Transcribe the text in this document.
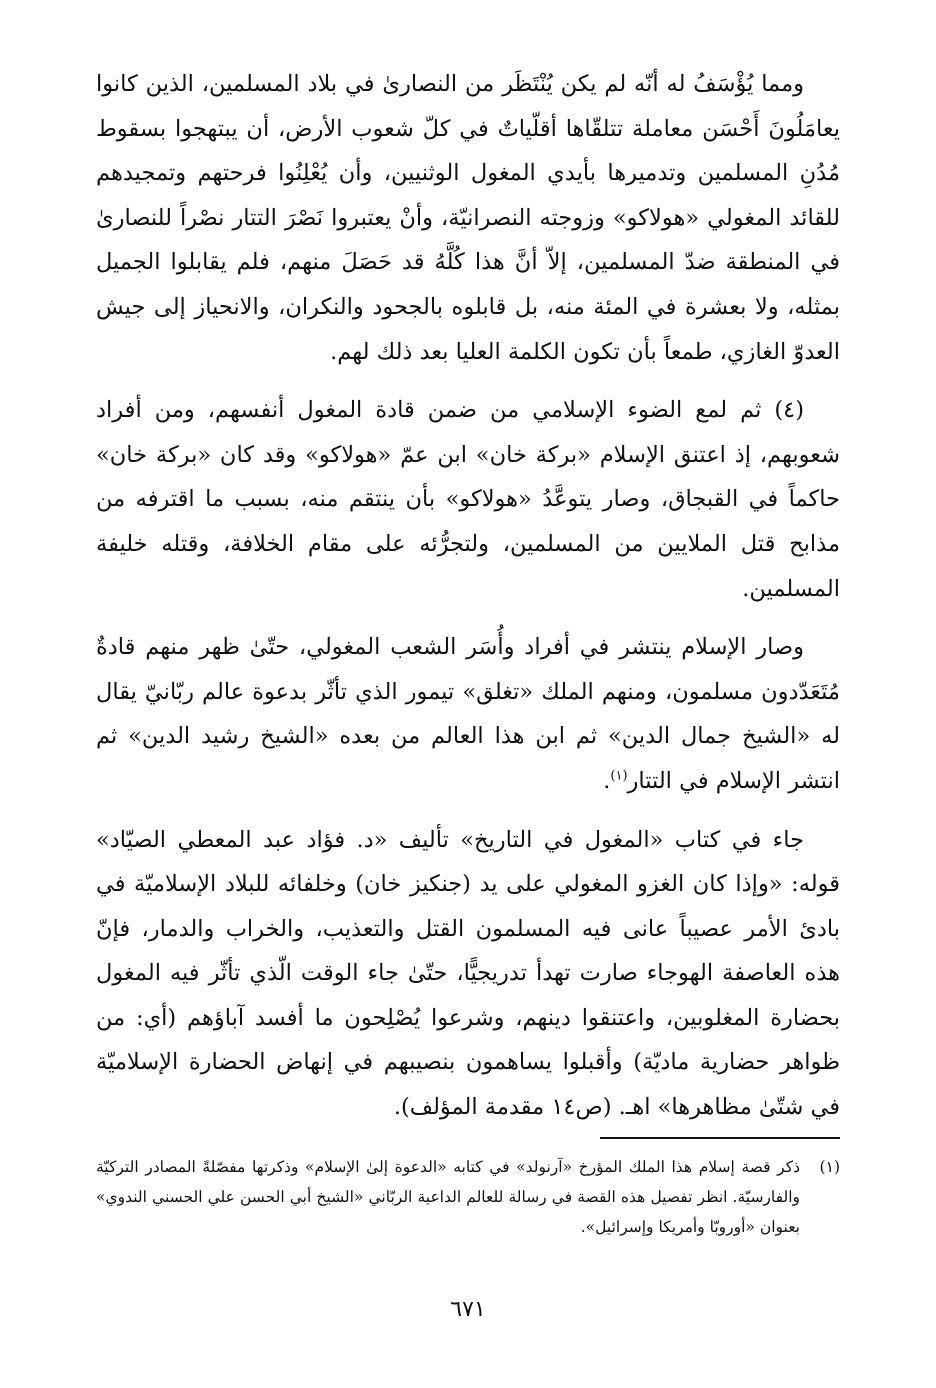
ومما يُؤْسَفُ له أنّه لم يكن يُنْتَظَر من النصارىٰ في بلاد المسلمين، الذين كانوا يعامَلُونَ أَحْسَن معاملة تتلقّاها أقلّياتٌ في كلّ شعوب الأرض، أن يبتهجوا بسقوط مُدُنِ المسلمين وتدميرها بأيدي المغول الوثنيين، وأن يُعْلِنُوا فرحتهم وتمجيدهم للقائد المغولي «هولاكو» وزوجته النصرانيّة، وأنْ يعتبروا نَصْرَ التتار نصْراً للنصارىٰ في المنطقة ضدّ المسلمين، إلاّ أنَّ هذا كُلَّهُ قد حَصَلَ منهم، فلم يقابلوا الجميل بمثله، ولا بعشرة في المئة منه، بل قابلوه بالجحود والنكران، والانحياز إلى جيش العدوّ الغازي، طمعاً بأن تكون الكلمة العليا بعد ذلك لهم.

(٤) ثم لمع الضوء الإسلامي من ضمن قادة المغول أنفسهم، ومن أفراد شعوبهم، إذ اعتنق الإسلام «بركة خان» ابن عمّ «هولاكو» وقد كان «بركة خان» حاكماً في القبجاق، وصار يتوعَّدُ «هولاكو» بأن ينتقم منه، بسبب ما اقترفه من مذابح قتل الملايين من المسلمين، ولتجرُّئه على مقام الخلافة، وقتله خليفة المسلمين.

وصار الإسلام ينتشر في أفراد وأُسَر الشعب المغولي، حتّىٰ ظهر منهم قادةٌ مُتَعَدّدون مسلمون، ومنهم الملك «تغلق» تيمور الذي تأثّر بدعوة عالم ربّانيّ يقال له «الشيخ جمال الدين» ثم ابن هذا العالم من بعده «الشيخ رشيد الدين» ثم انتشر الإسلام في التتار$^{(١)}$.

جاء في كتاب «المغول في التاريخ» تأليف «د. فؤاد عبد المعطي الصيّاد» قوله: «وإذا كان الغزو المغولي على يد (جنكيز خان) وخلفائه للبلاد الإسلاميّة في بادئ الأمر عصيباً عانى فيه المسلمون القتل والتعذيب، والخراب والدمار، فإنّ هذه العاصفة الهوجاء صارت تهدأ تدريجيًّا، حتّىٰ جاء الوقت الّذي تأثّر فيه المغول بحضارة المغلوبين، واعتنقوا دينهم، وشرعوا يُصْلِحون ما أفسد آباؤهم (أي: من ظواهر حضارية ماديّة) وأقبلوا يساهمون بنصيبهم في إنهاض الحضارة الإسلاميّة في شتّىٰ مظاهرها» اهـ. (ص١٤ مقدمة المؤلف).

(١)
ذكر قصة إسلام هذا الملك المؤرخ «آرنولد» في كتابه «الدعوة إلىٰ الإسلام» وذكرتها مفصّلةً المصادر التركيّة والفارسيّة. انظر تفصيل هذه القصة في رسالة للعالم الداعية الربّاني «الشيخ أبي الحسن علي الحسني الندوي» بعنوان «أوروبّا وأمريكا وإسرائيل».
٦٧١
